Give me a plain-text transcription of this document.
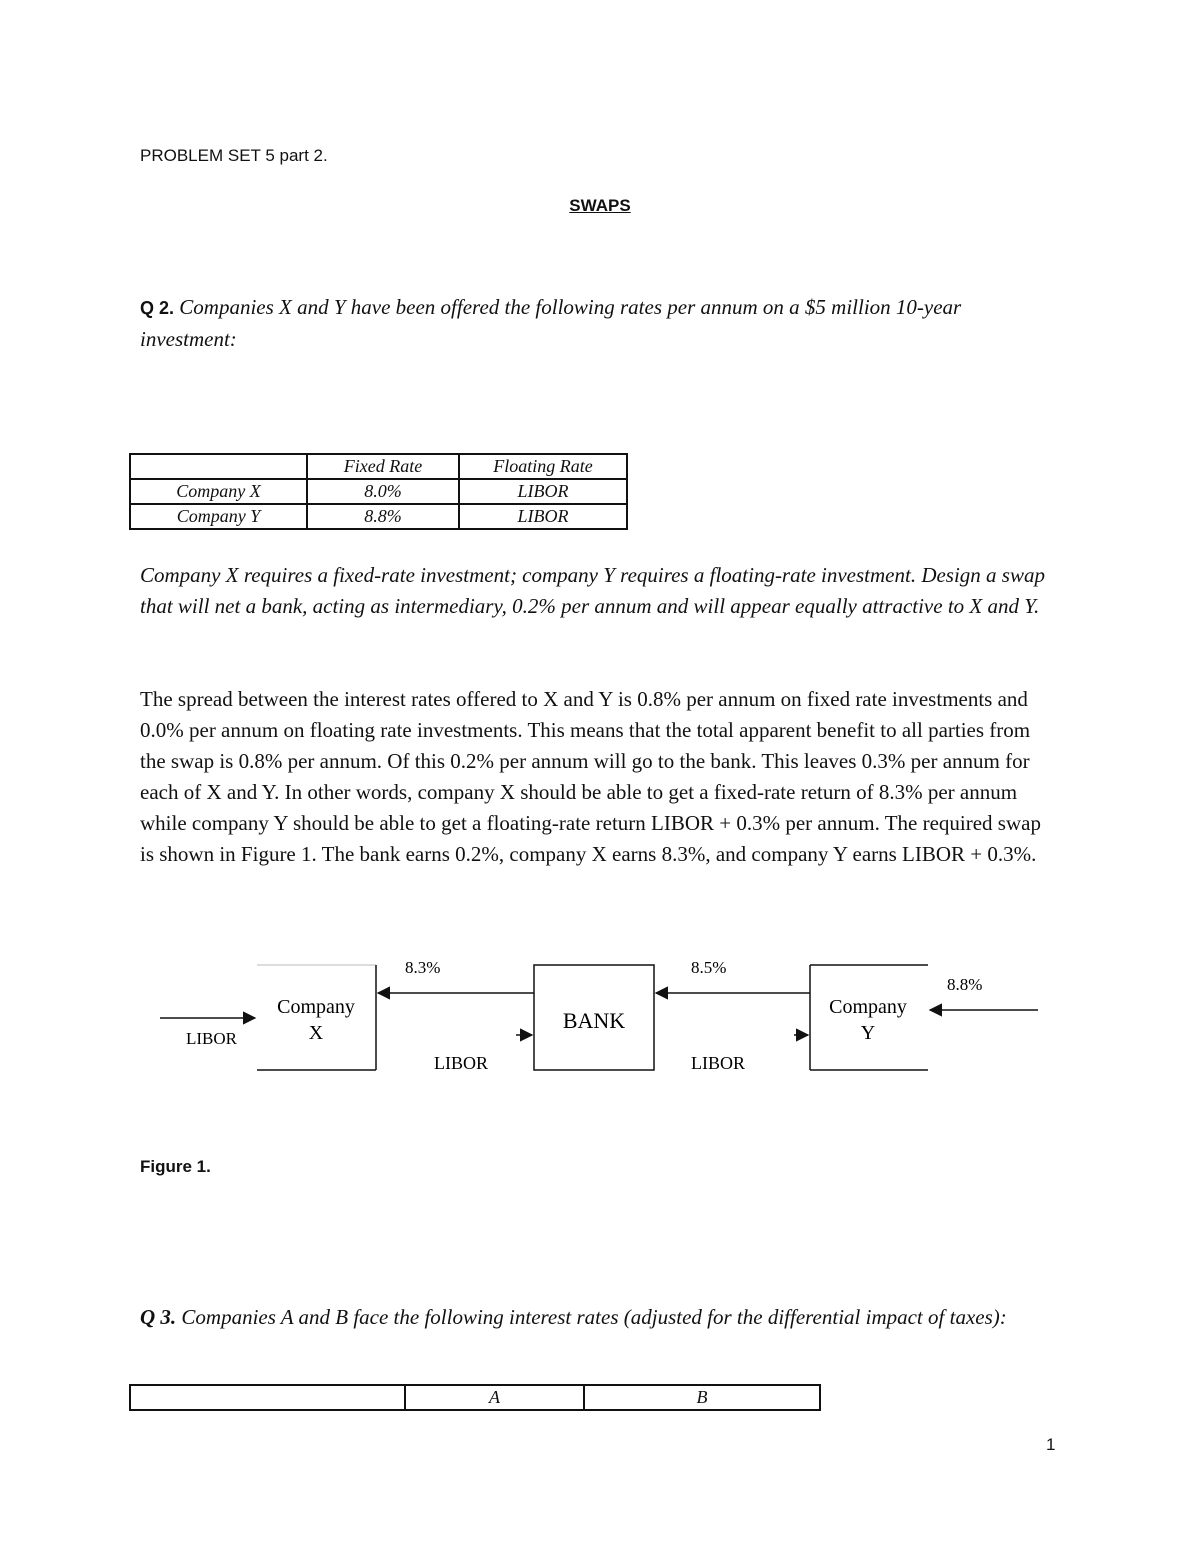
PROBLEM SET 5 part 2.
SWAPS

Q 2. Companies X and Y have been offered the following rates per annum on a $5 million 10-year investment:

	Fixed Rate	Floating Rate
Company X	8.0%	LIBOR
Company Y	8.8%	LIBOR

Company X requires a fixed-rate investment; company Y requires a floating-rate investment. Design a swap that will net a bank, acting as intermediary, 0.2% per annum and will appear equally attractive to X and Y.

The spread between the interest rates offered to X and Y is 0.8% per annum on fixed rate investments and 0.0% per annum on floating rate investments. This means that the total apparent benefit to all parties from the swap is 0.8% per annum. Of this 0.2% per annum will go to the bank. This leaves 0.3% per annum for each of X and Y. In other words, company X should be able to get a fixed-rate return of 8.3% per annum while company Y should be able to get a floating-rate return LIBOR + 0.3% per annum. The required swap is shown in Figure 1. The bank earns 0.2%, company X earns 8.3%, and company Y earns LIBOR + 0.3%.

Company
X	BANK
Company
Y
LIBOR
8.3%
LIBOR
8.5%
LIBOR
8.8%
Figure 1.

Q 3. Companies A and B face the following interest rates (adjusted for the differential impact of taxes):

	A	B
1
